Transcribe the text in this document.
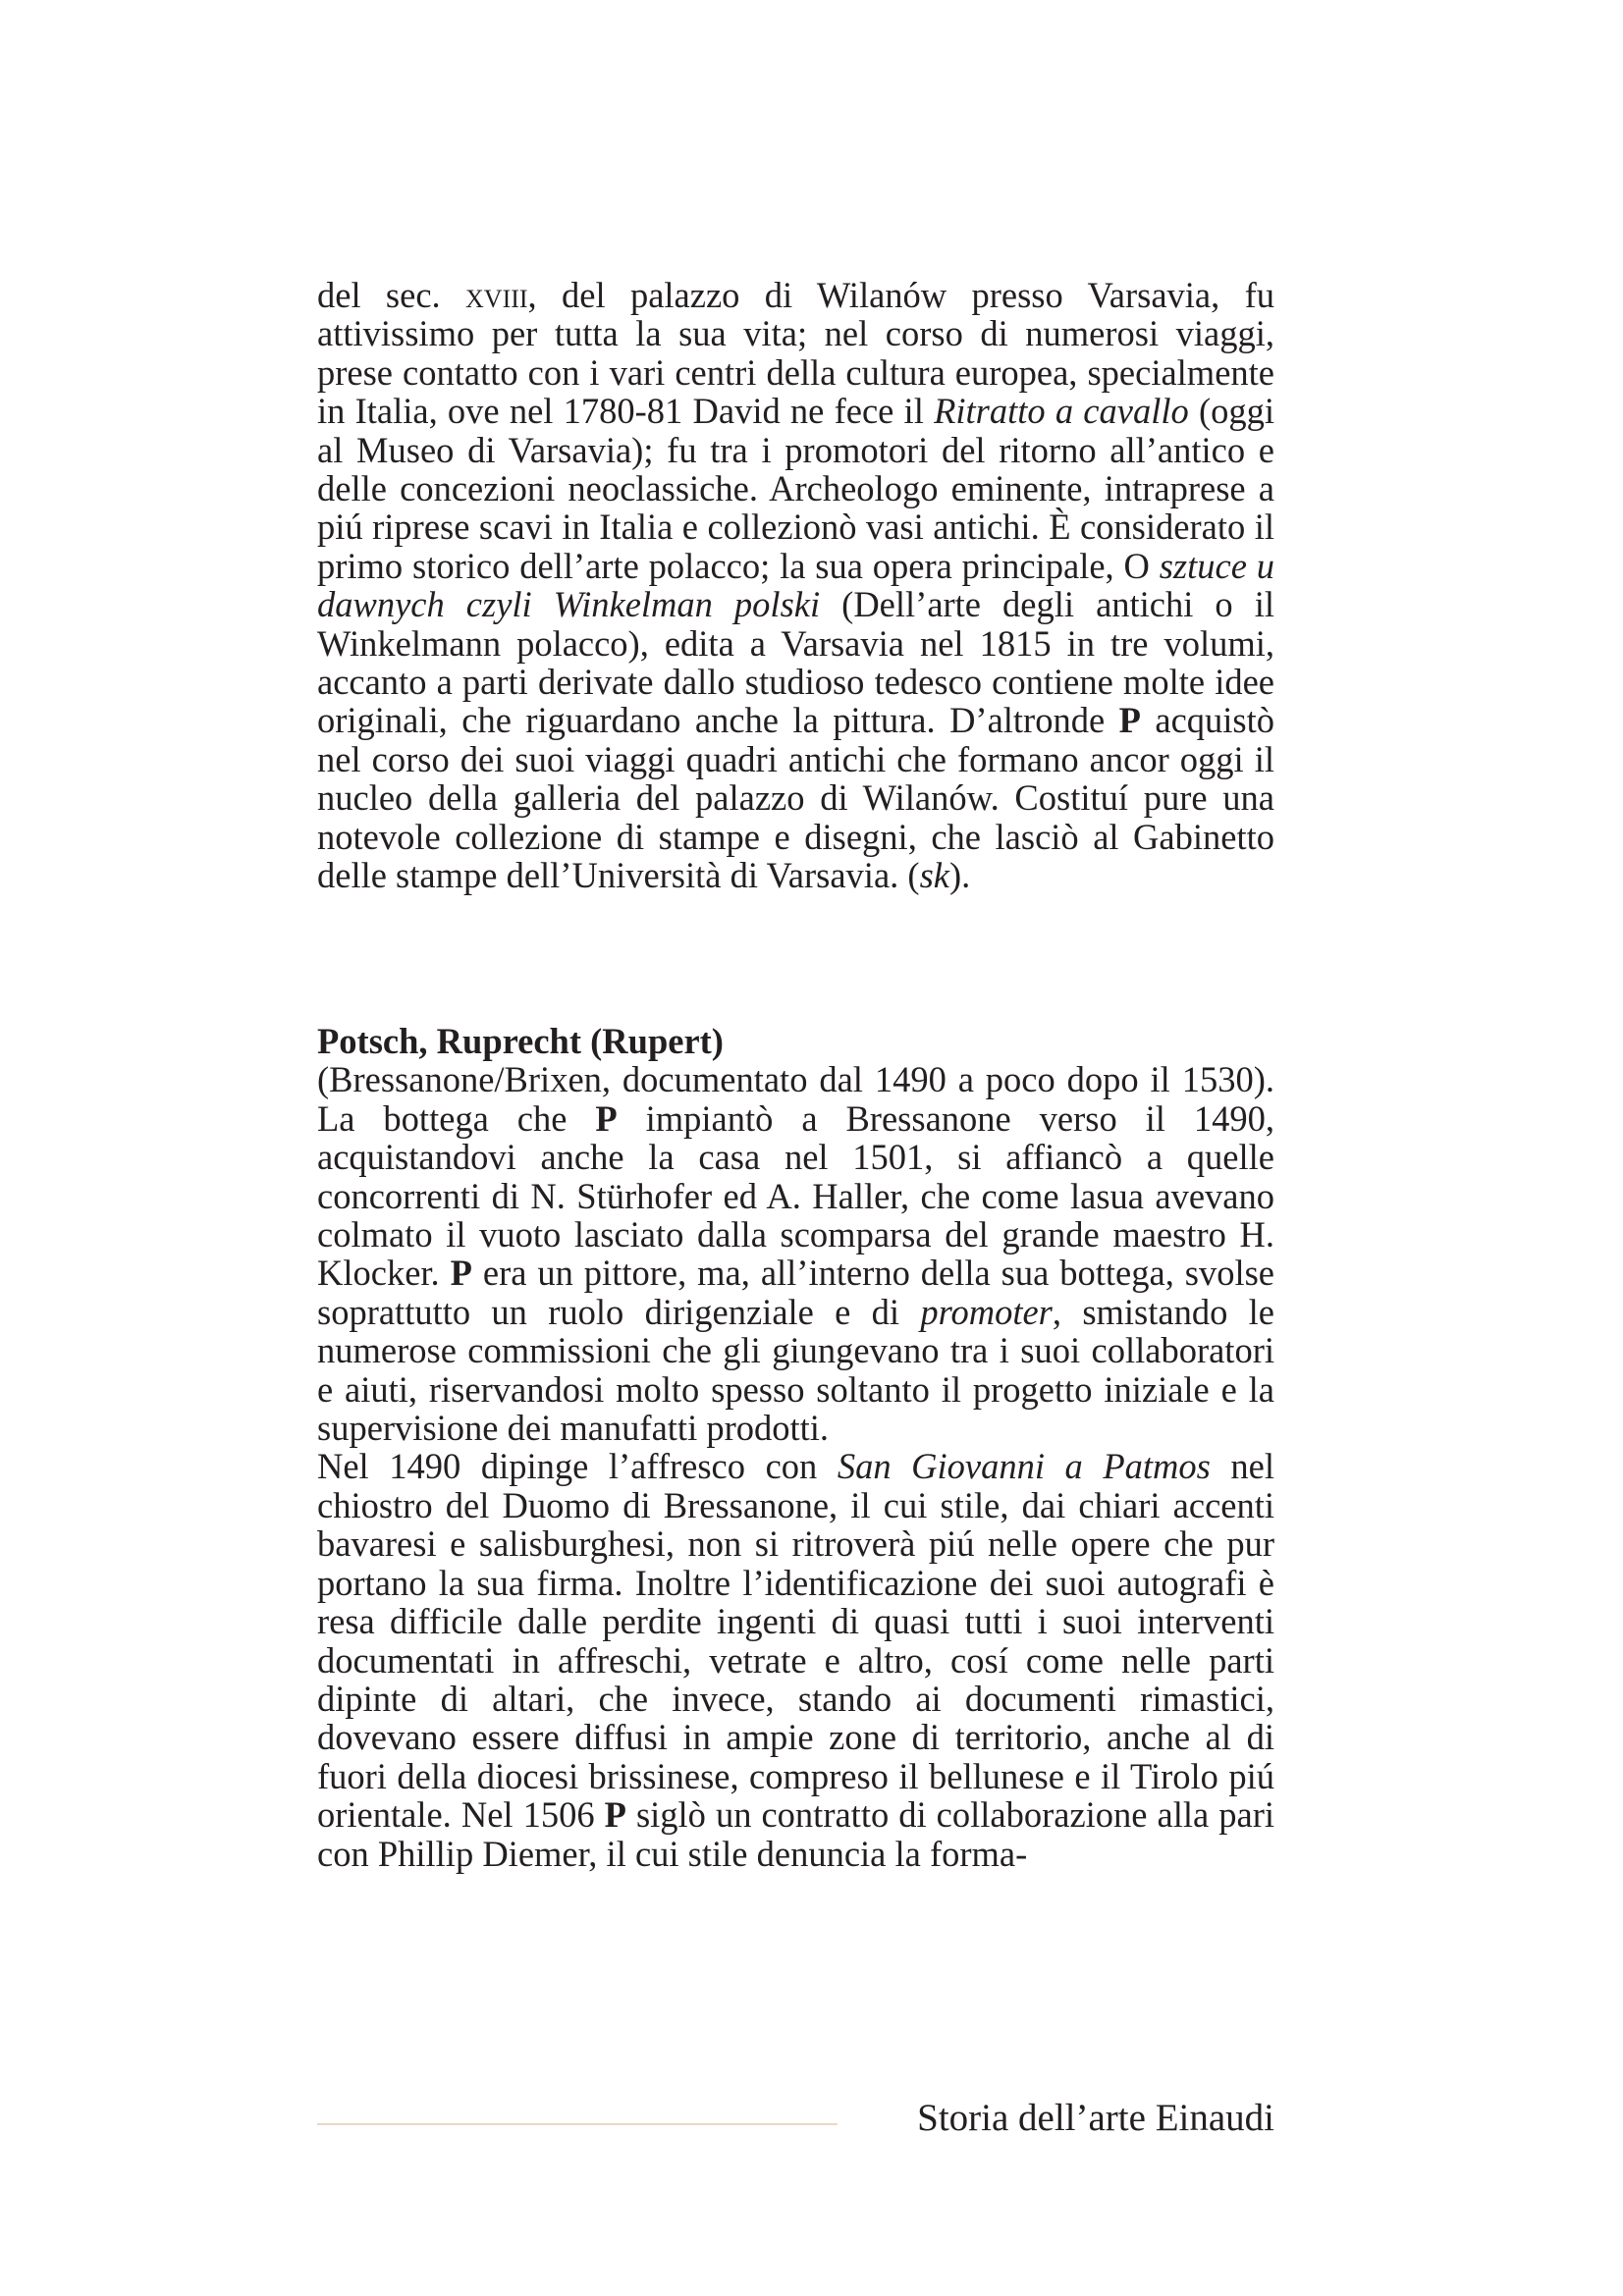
del sec. xviii, del palazzo di Wilanów presso Varsavia, fu attivissimo per tutta la sua vita; nel corso di numerosi viaggi, prese contatto con i vari centri della cultura europea, specialmente in Italia, ove nel 1780-81 David ne fece il Ritratto a cavallo (oggi al Museo di Varsavia); fu tra i promotori del ritorno all’antico e delle concezioni neoclassiche. Archeologo eminente, intraprese a piú riprese scavi in Italia e collezionò vasi antichi. È considerato il primo storico dell’arte polacco; la sua opera principale, O sztuce u dawnych czyli Winkelman polski (Dell’arte degli antichi o il Winkelmann polacco), edita a Varsavia nel 1815 in tre volumi, accanto a parti derivate dallo studioso tedesco contiene molte idee originali, che riguardano anche la pittura. D’altronde P acquistò nel corso dei suoi viaggi quadri antichi che formano ancor oggi il nucleo della galleria del palazzo di Wilanów. Costituí pure una notevole collezione di stampe e disegni, che lasciò al Gabinetto delle stampe dell’Università di Varsavia. (sk).

Potsch, Ruprecht (Rupert)

(Bressanone/Brixen, documentato dal 1490 a poco dopo il 1530). La bottega che P impiantò a Bressanone verso il 1490, acquistandovi anche la casa nel 1501, si affiancò a quelle concorrenti di N. Stürhofer ed A. Haller, che come lasua avevano colmato il vuoto lasciato dalla scomparsa del grande maestro H. Klocker. P era un pittore, ma, all’interno della sua bottega, svolse soprattutto un ruolo dirigenziale e di promoter, smistando le numerose commissioni che gli giungevano tra i suoi collaboratori e aiuti, riservandosi molto spesso soltanto il progetto iniziale e la supervisione dei manufatti prodotti.

Nel 1490 dipinge l’affresco con San Giovanni a Patmos nel chiostro del Duomo di Bressanone, il cui stile, dai chiari accenti bavaresi e salisburghesi, non si ritroverà piú nelle opere che pur portano la sua firma. Inoltre l’identificazione dei suoi autografi è resa difficile dalle perdite ingenti di quasi tutti i suoi interventi documentati in affreschi, vetrate e altro, cosí come nelle parti dipinte di altari, che invece, stando ai documenti rimastici, dovevano essere diffusi in ampie zone di territorio, anche al di fuori della diocesi brissinese, compreso il bellunese e il Tirolo piú orientale. Nel 1506 P siglò un contratto di collaborazione alla pari con Phillip Diemer, il cui stile denuncia la forma-

Storia dell’arte Einaudi
